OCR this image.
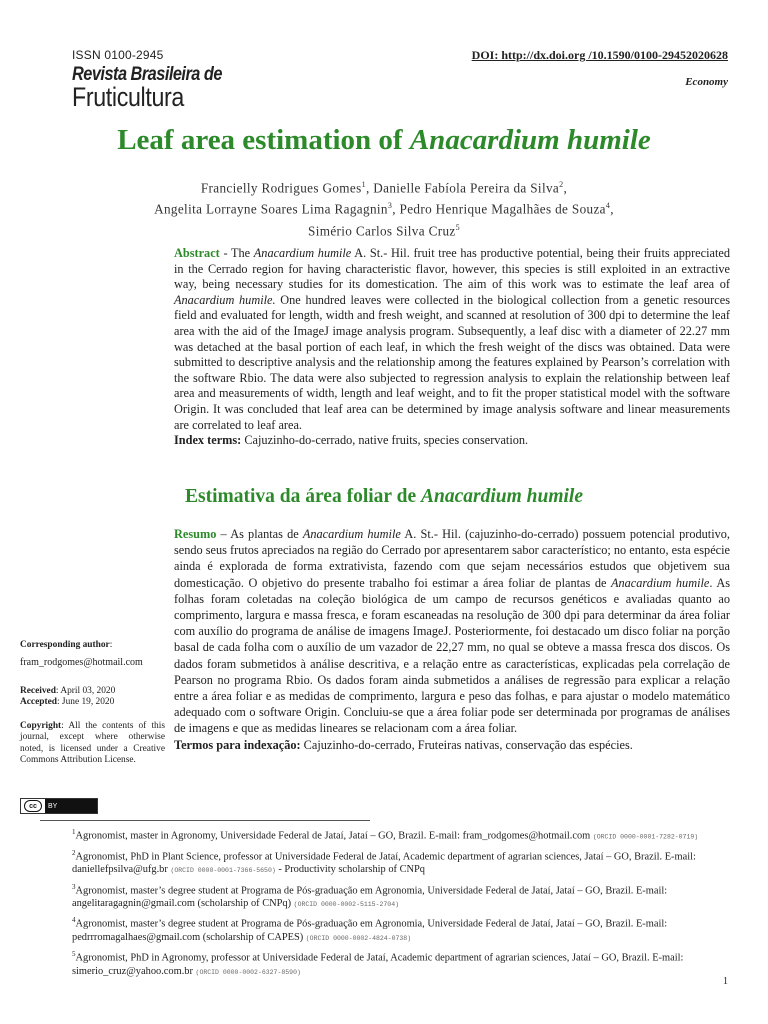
ISSN 0100-2945	DOI: http://dx.doi.org /10.1590/0100-29452020628
Revista Brasileira de
Fruticultura	Economy
Leaf area estimation of Anacardium humile
Francielly Rodrigues Gomes$^1$, Danielle Fabíola Pereira da Silva$^2$,
Angelita Lorrayne Soares Lima Ragagnin$^3$, Pedro Henrique Magalhães de Souza$^4$,
Simério Carlos Silva Cruz$^5$
Abstract - The Anacardium humile A. St.- Hil. fruit tree has productive potential, being their fruits appreciated in the Cerrado region for having characteristic flavor, however, this species is still exploited in an extractive way, being necessary studies for its domestication. The aim of this work was to estimate the leaf area of Anacardium humile. One hundred leaves were collected in the biological collection from a genetic resources field and evaluated for length, width and fresh weight, and scanned at resolution of 300 dpi to determine the leaf area with the aid of the ImageJ image analysis program. Subsequently, a leaf disc with a diameter of 22.27 mm was detached at the basal portion of each leaf, in which the fresh weight of the discs was obtained. Data were submitted to descriptive analysis and the relationship among the features explained by Pearson’s correlation with the software Rbio. The data were also subjected to regression analysis to explain the relationship between leaf area and measurements of width, length and leaf weight, and to fit the proper statistical model with the software Origin. It was concluded that leaf area can be determined by image analysis software and linear measurements are correlated to leaf area.
Index terms: Cajuzinho-do-cerrado, native fruits, species conservation.
Estimativa da área foliar de Anacardium humile
Resumo – As plantas de Anacardium humile A. St.- Hil. (cajuzinho-do-cerrado) possuem potencial produtivo, sendo seus frutos apreciados na região do Cerrado por apresentarem sabor característico; no entanto, esta espécie ainda é explorada de forma extrativista, fazendo com que sejam necessários estudos que objetivem sua domesticação. O objetivo do presente trabalho foi estimar a área foliar de plantas de Anacardium humile. As folhas foram coletadas na coleção biológica de um campo de recursos genéticos e avaliadas quanto ao comprimento, largura e massa fresca, e foram escaneadas na resolução de 300 dpi para determinar da área foliar com auxílio do programa de análise de imagens ImageJ. Posteriormente, foi destacado um disco foliar na porção basal de cada folha com o auxílio de um vazador de 22,27 mm, no qual se obteve a massa fresca dos discos. Os dados foram submetidos à análise descritiva, e a relação entre as características, explicadas pela correlação de Pearson no programa Rbio. Os dados foram ainda submetidos a análises de regressão para explicar a relação entre a área foliar e as medidas de comprimento, largura e peso das folhas, e para ajustar o modelo matemático adequado com o software Origin. Concluiu-se que a área foliar pode ser determinada por programas de análises de imagens e que as medidas lineares se relacionam com a área foliar.
Termos para indexação: Cajuzinho-do-cerrado, Fruteiras nativas, conservação das espécies.

Corresponding author:
fram_rodgomes@hotmail.com

Received: April 03, 2020
Accepted: June 19, 2020

Copyright: All the contents of this journal, except where otherwise noted, is licensed under a Creative Commons Attribution License.

cc	BY

$^1$Agronomist, master in Agronomy, Universidade Federal de Jataí, Jataí – GO, Brazil. E-mail: fram_rodgomes@hotmail.com (ORCID 0000-0001-7282-0719)

$^2$Agronomist, PhD in Plant Science, professor at Universidade Federal de Jataí, Academic department of agrarian sciences, Jataí – GO, Brazil. E-mail: daniellefpsilva@ufg.br (ORCID 0000-0001-7366-5650) - Productivity scholarship of CNPq

$^3$Agronomist, master’s degree student at Programa de Pós-graduação em Agronomia, Universidade Federal de Jataí, Jataí – GO, Brazil. E-mail: angelitaragagnin@gmail.com (scholarship of CNPq) (ORCID 0000-0002-5115-2704)

$^4$Agronomist, master’s degree student at Programa de Pós-graduação em Agronomia, Universidade Federal de Jataí, Jataí – GO, Brazil. E-mail: pedrrromagalhaes@gmail.com (scholarship of CAPES) (ORCID 0000-0002-4824-0738)

$^5$Agronomist, PhD in Agronomy, professor at Universidade Federal de Jataí, Academic department of agrarian sciences, Jataí – GO, Brazil. E-mail: simerio_cruz@yahoo.com.br (ORCID 0000-0002-6327-8590)

1
